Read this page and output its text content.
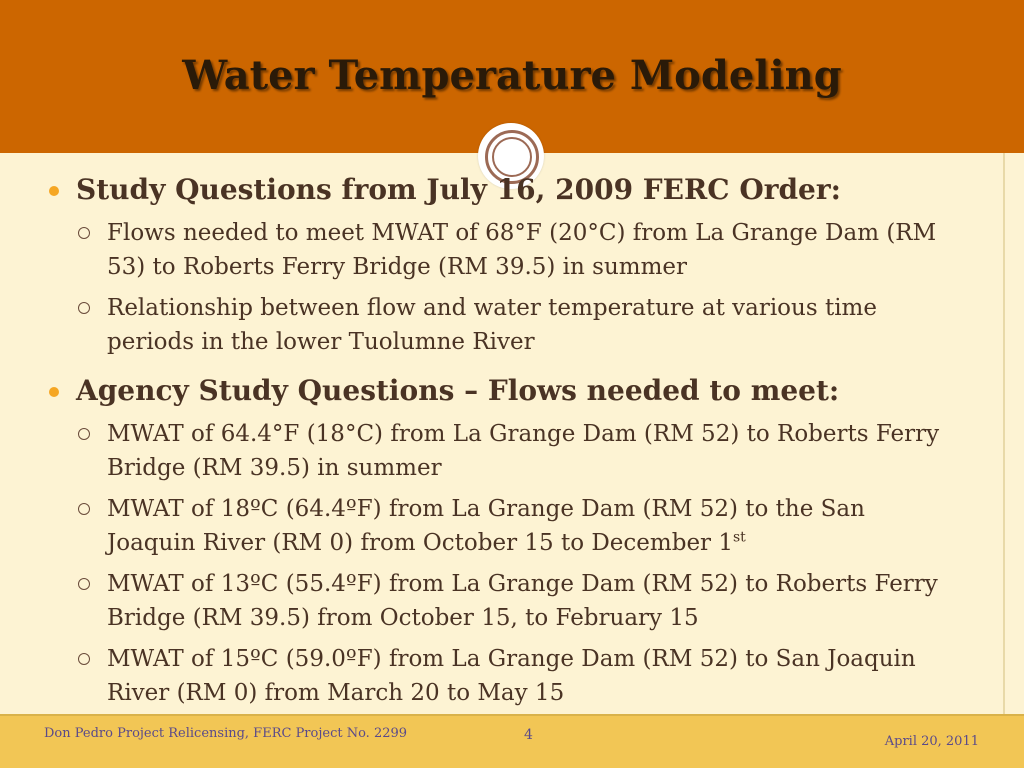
Water Temperature Modeling
Study Questions from July 16, 2009 FERC Order:
Flows needed to meet MWAT of 68°F (20°C) from La Grange Dam (RM 53) to Roberts Ferry Bridge (RM 39.5) in summer
Relationship between flow and water temperature at various time periods in the lower Tuolumne River
Agency Study Questions – Flows needed to meet:
MWAT of 64.4°F (18°C) from La Grange Dam (RM 52) to Roberts Ferry Bridge (RM 39.5) in summer
MWAT of 18ºC (64.4ºF) from La Grange Dam (RM 52) to the San Joaquin River (RM 0) from October 15 to December 1st
MWAT of 13ºC (55.4ºF) from La Grange Dam (RM 52) to Roberts Ferry Bridge (RM 39.5) from October 15, to February 15
MWAT of 15ºC (59.0ºF) from La Grange Dam (RM 52) to San Joaquin River (RM 0) from March 20 to May 15
Don Pedro Project Relicensing, FERC Project No. 2299	4	April 20, 2011
